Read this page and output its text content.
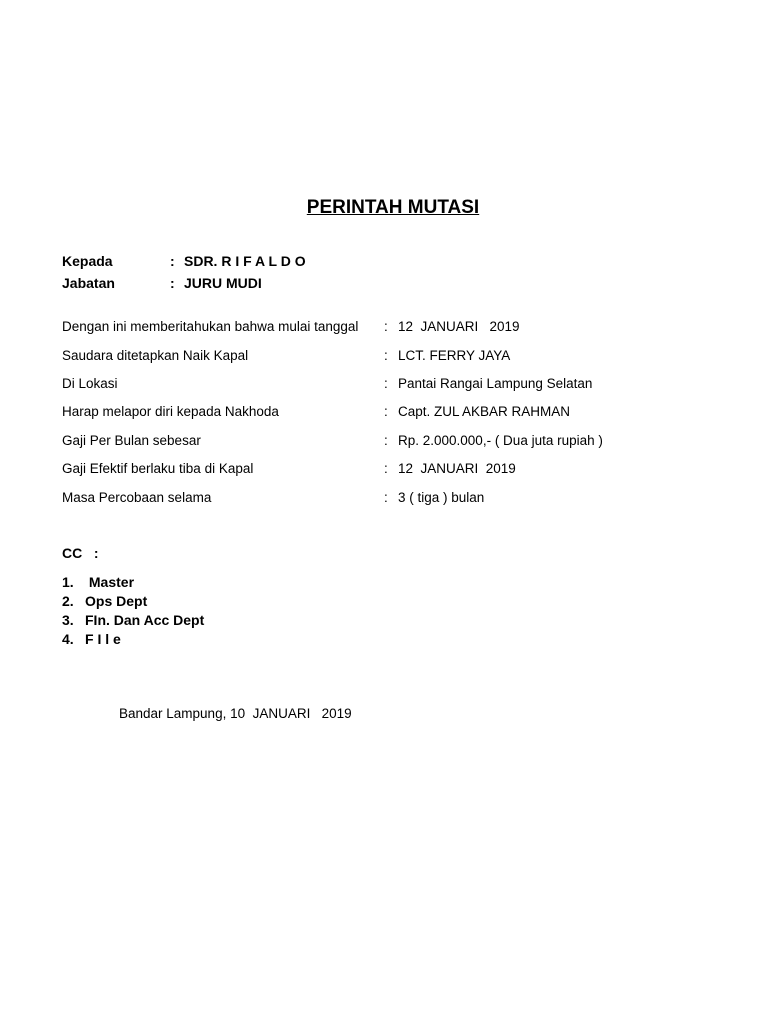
PERINTAH MUTASI
Kepada	: SDR. R I F A L D O
Jabatan	: JURU MUDI
Dengan ini memberitahukan bahwa mulai tanggal : 12  JANUARI   2019
Saudara ditetapkan Naik Kapal	: LCT. FERRY JAYA
Di Lokasi	: Pantai Rangai Lampung Selatan
Harap melapor diri kepada Nakhoda	: Capt. ZUL AKBAR RAHMAN
Gaji Per Bulan sebesar	: Rp. 2.000.000,- ( Dua juta rupiah )
Gaji Efektif berlaku tiba di Kapal	: 12  JANUARI  2019
Masa Percobaan selama	: 3 ( tiga ) bulan
CC   :
1. Master
2. Ops Dept
3. FIn. Dan Acc Dept
4. F I l e
Bandar Lampung, 10  JANUARI   2019
